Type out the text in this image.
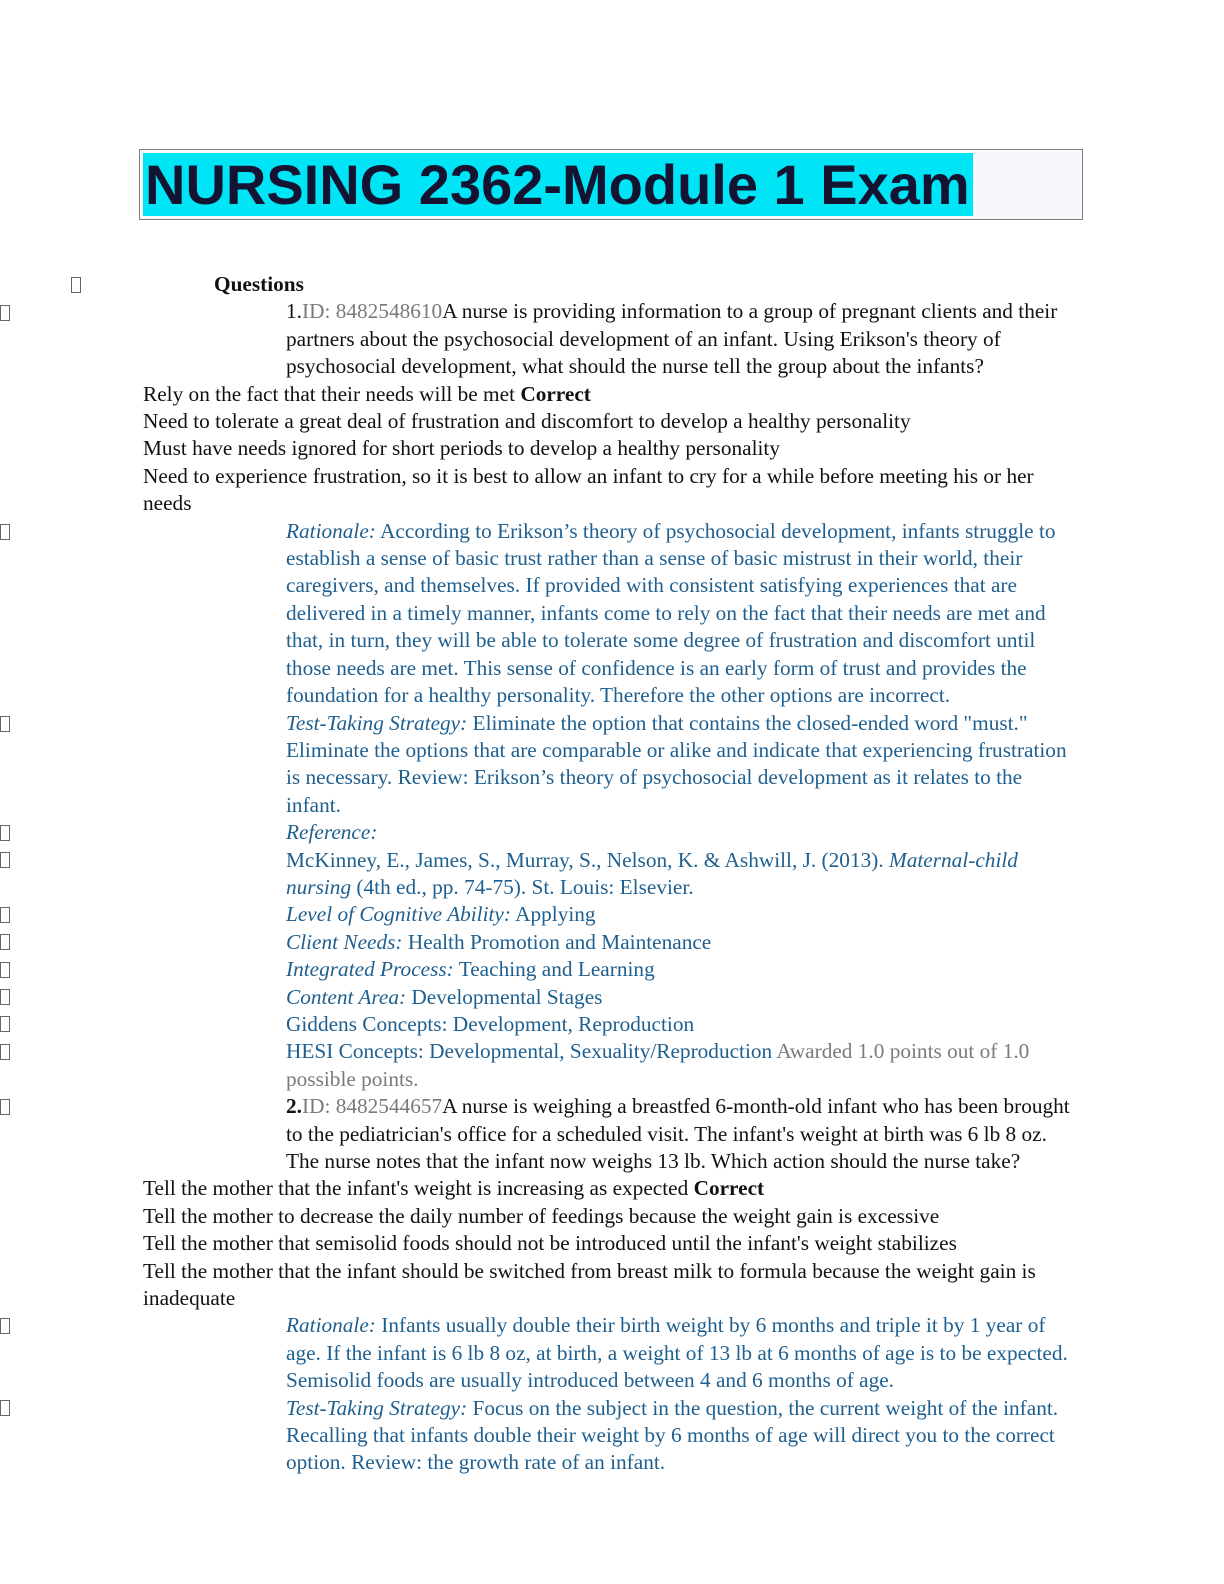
NURSING 2362-Module 1 Exam

Questions

1.ID: 8482548610A nurse is providing information to a group of pregnant clients and their partners about the psychosocial development of an infant. Using Erikson's theory of psychosocial development, what should the nurse tell the group about the infants?

Rely on the fact that their needs will be met Correct

Need to tolerate a great deal of frustration and discomfort to develop a healthy personality

Must have needs ignored for short periods to develop a healthy personality

Need to experience frustration, so it is best to allow an infant to cry for a while before meeting his or her needs

Rationale: According to Erikson’s theory of psychosocial development, infants struggle to establish a sense of basic trust rather than a sense of basic mistrust in their world, their caregivers, and themselves. If provided with consistent satisfying experiences that are delivered in a timely manner, infants come to rely on the fact that their needs are met and that, in turn, they will be able to tolerate some degree of frustration and discomfort until those needs are met. This sense of confidence is an early form of trust and provides the foundation for a healthy personality. Therefore the other options are incorrect.

Test-Taking Strategy: Eliminate the option that contains the closed-ended word "must." Eliminate the options that are comparable or alike and indicate that experiencing frustration is necessary. Review: Erikson’s theory of psychosocial development as it relates to the infant.

Reference:

McKinney, E., James, S., Murray, S., Nelson, K. & Ashwill, J. (2013). Maternal-child nursing (4th ed., pp. 74-75). St. Louis: Elsevier.

Level of Cognitive Ability: Applying

Client Needs: Health Promotion and Maintenance

Integrated Process: Teaching and Learning

Content Area: Developmental Stages

Giddens Concepts: Development, Reproduction

HESI Concepts: Developmental, Sexuality/Reproduction Awarded 1.0 points out of 1.0 possible points.

2.ID: 8482544657A nurse is weighing a breastfed 6-month-old infant who has been brought to the pediatrician's office for a scheduled visit. The infant's weight at birth was 6 lb 8 oz. The nurse notes that the infant now weighs 13 lb. Which action should the nurse take?

Tell the mother that the infant's weight is increasing as expected Correct

Tell the mother to decrease the daily number of feedings because the weight gain is excessive

Tell the mother that semisolid foods should not be introduced until the infant's weight stabilizes

Tell the mother that the infant should be switched from breast milk to formula because the weight gain is inadequate

Rationale: Infants usually double their birth weight by 6 months and triple it by 1 year of age. If the infant is 6 lb 8 oz, at birth, a weight of 13 lb at 6 months of age is to be expected. Semisolid foods are usually introduced between 4 and 6 months of age.

Test-Taking Strategy: Focus on the subject in the question, the current weight of the infant. Recalling that infants double their weight by 6 months of age will direct you to the correct option. Review: the growth rate of an infant.
